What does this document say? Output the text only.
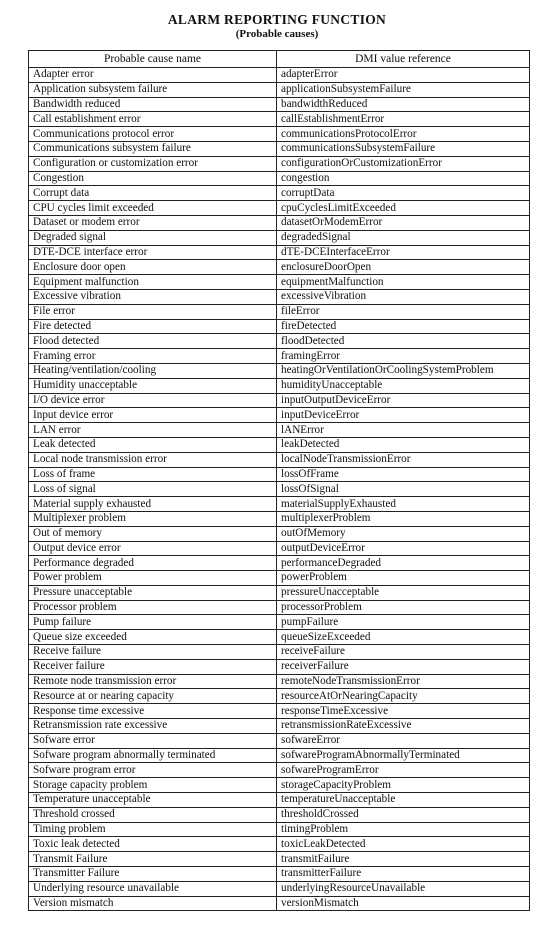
ALARM REPORTING FUNCTION
(Probable causes)
Probable cause name	DMI value reference
Adapter error	adapterError
Application subsystem failure	applicationSubsystemFailure
Bandwidth reduced	bandwidthReduced
Call establishment error	callEstablishmentError
Communications protocol error	communicationsProtocolError
Communications subsystem failure	communicationsSubsystemFailure
Configuration or customization error	configurationOrCustomizationError
Congestion	congestion
Corrupt data	corruptData
CPU cycles limit exceeded	cpuCyclesLimitExceeded
Dataset or modem error	datasetOrModemError
Degraded signal	degradedSignal
DTE-DCE interface error	dTE-DCEInterfaceError
Enclosure door open	enclosureDoorOpen
Equipment malfunction	equipmentMalfunction
Excessive vibration	excessiveVibration
File error	fileError
Fire detected	fireDetected
Flood detected	floodDetected
Framing error	framingError
Heating/ventilation/cooling	heatingOrVentilationOrCoolingSystemProblem
Humidity unacceptable	humidityUnacceptable
I/O device error	inputOutputDeviceError
Input device error	inputDeviceError
LAN error	lANError
Leak detected	leakDetected
Local node transmission error	localNodeTransmissionError
Loss of frame	lossOfFrame
Loss of signal	lossOfSignal
Material supply exhausted	materialSupplyExhausted
Multiplexer problem	multiplexerProblem
Out of memory	outOfMemory
Output device error	outputDeviceError
Performance degraded	performanceDegraded
Power problem	powerProblem
Pressure unacceptable	pressureUnacceptable
Processor problem	processorProblem
Pump failure	pumpFailure
Queue size exceeded	queueSizeExceeded
Receive failure	receiveFailure
Receiver failure	receiverFailure
Remote node transmission error	remoteNodeTransmissionError
Resource at or nearing capacity	resourceAtOrNearingCapacity
Response time excessive	responseTimeExcessive
Retransmission rate excessive	retransmissionRateExcessive
Sofware error	sofwareError
Sofware program abnormally terminated	sofwareProgramAbnormallyTerminated
Sofware program error	sofwareProgramError
Storage capacity problem	storageCapacityProblem
Temperature unacceptable	temperatureUnacceptable
Threshold crossed	thresholdCrossed
Timing problem	timingProblem
Toxic leak detected	toxicLeakDetected
Transmit Failure	transmitFailure
Transmitter Failure	transmitterFailure
Underlying resource unavailable	underlyingResourceUnavailable
Version mismatch	versionMismatch
